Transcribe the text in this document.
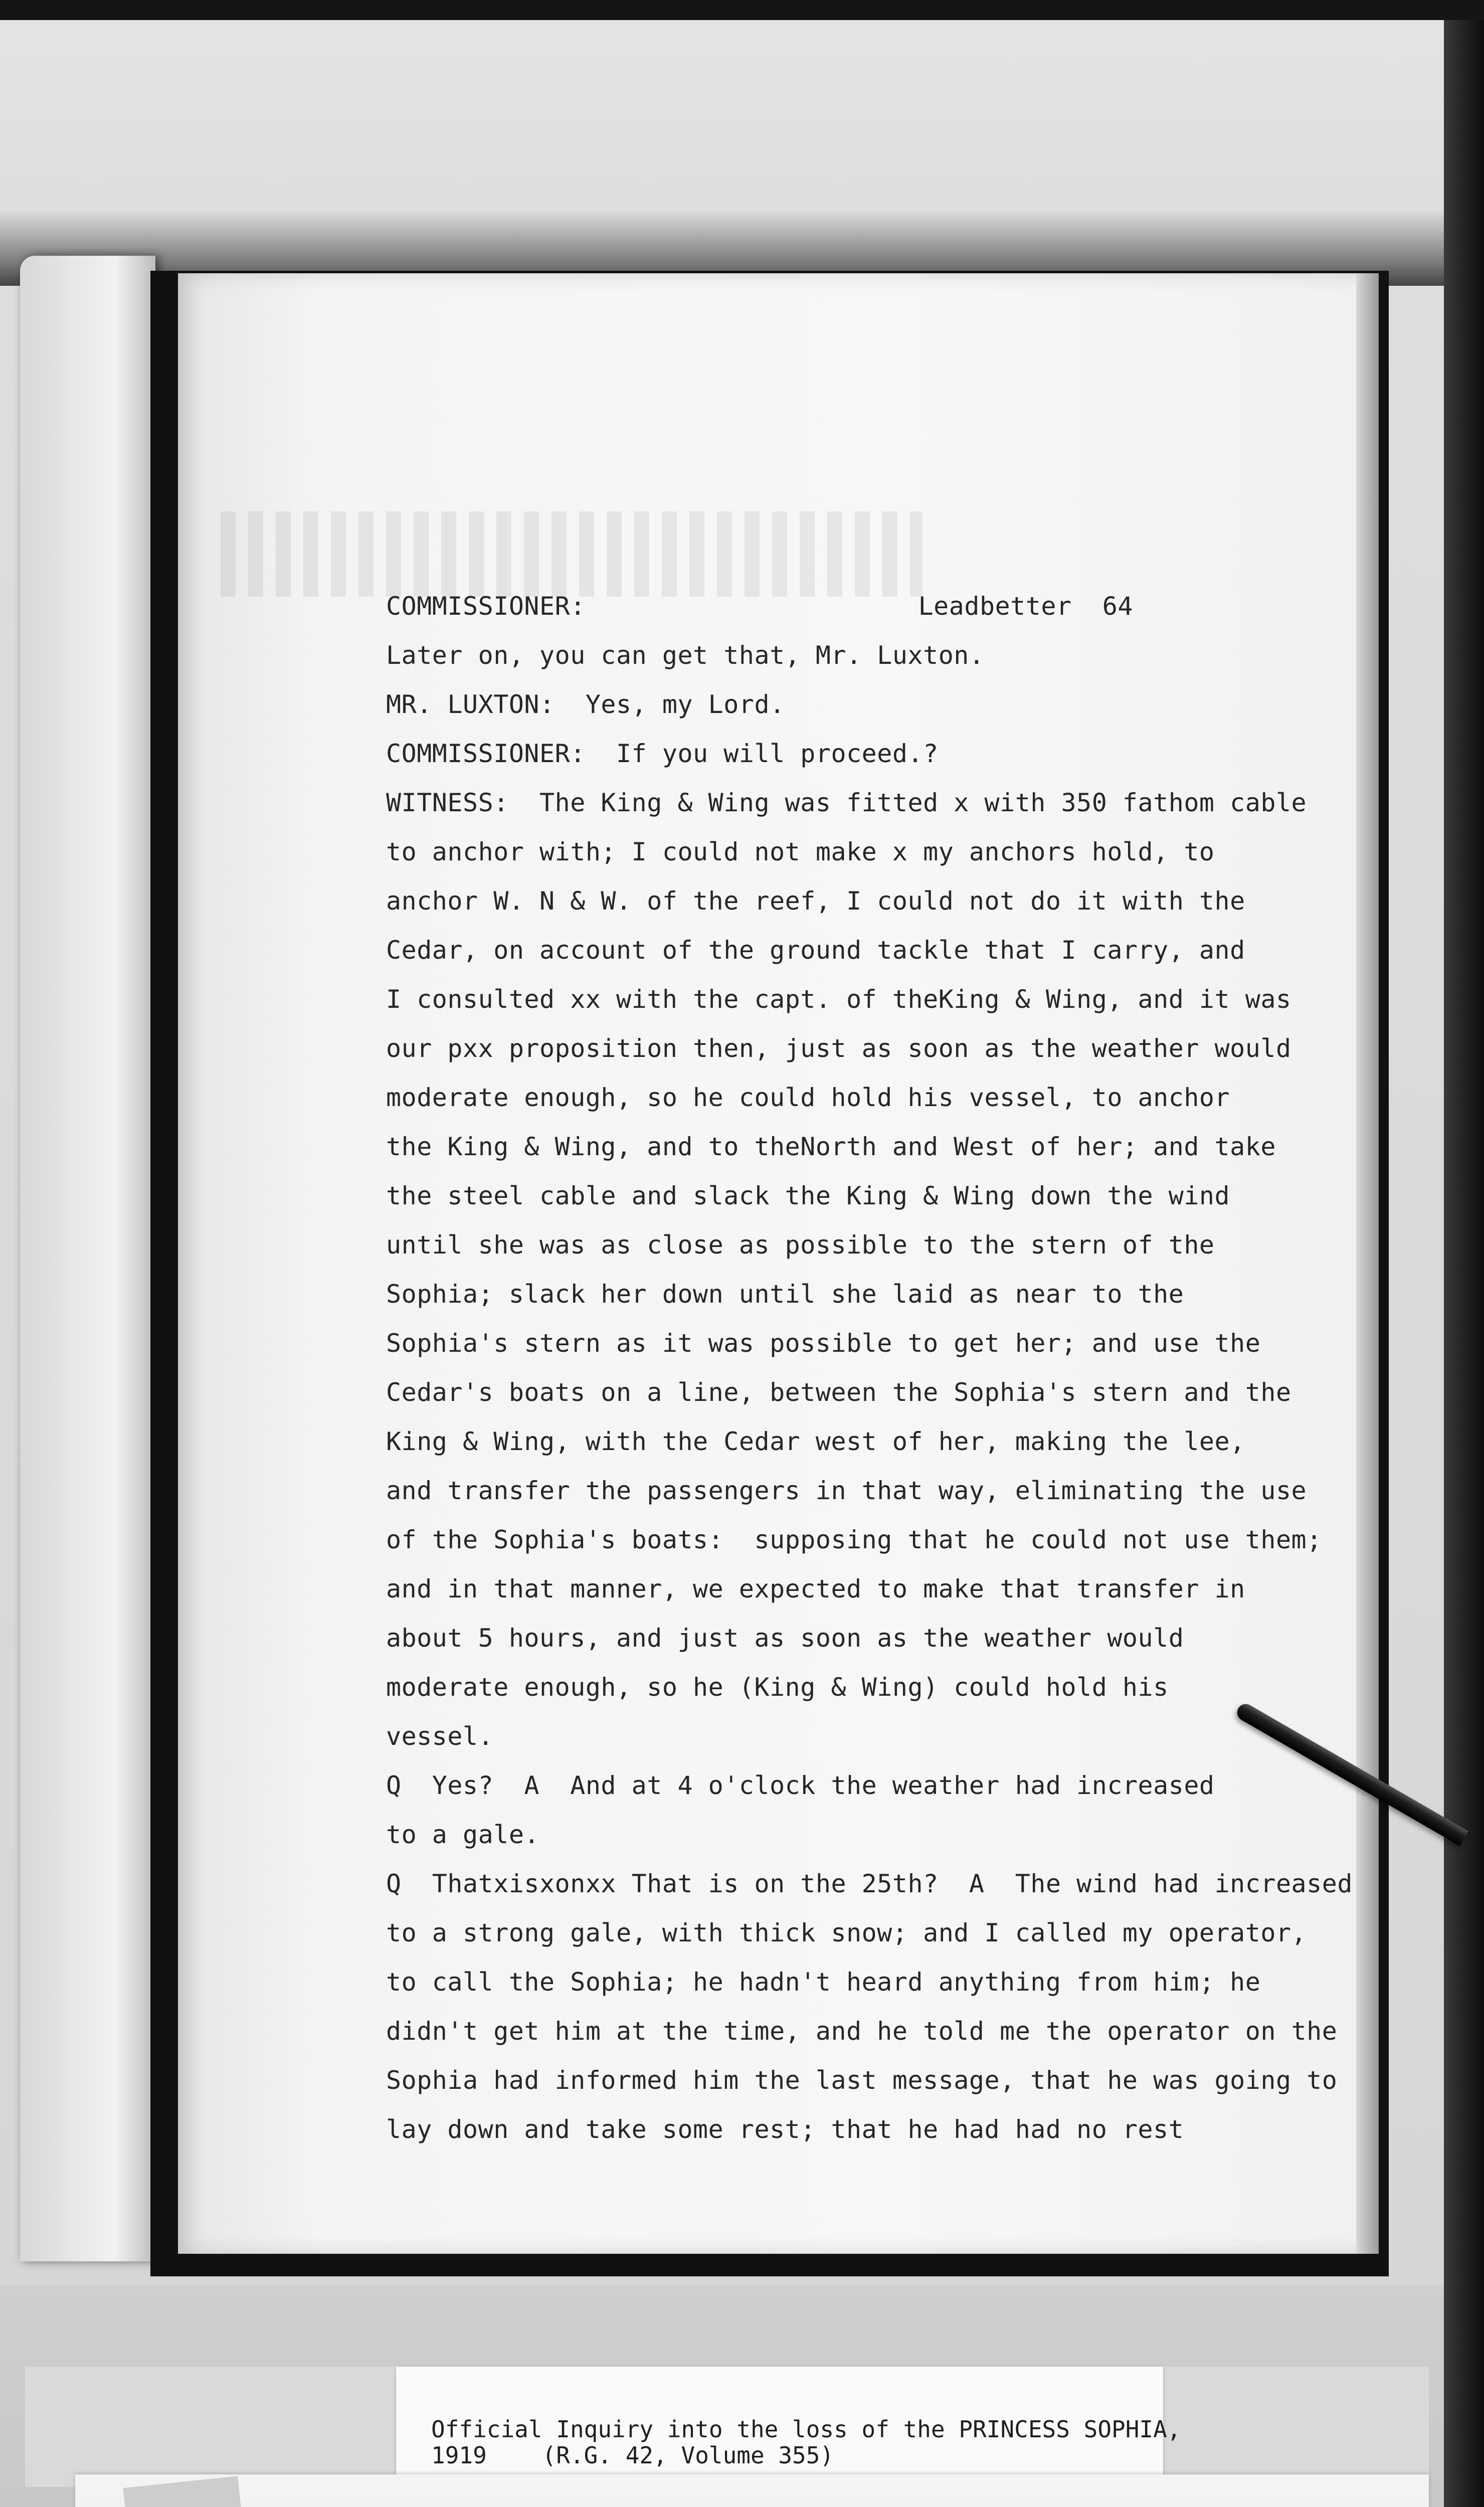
COMMISSIONER:	Leadbetter  64
Later on, you can get that, Mr. Luxton.
MR. LUXTON:  Yes, my Lord.
COMMISSIONER:  If you will proceed.?
WITNESS:  The King & Wing was fitted x with 350 fathom cable
to anchor with; I could not make x my anchors hold, to
anchor W. N & W. of the reef, I could not do it with the
Cedar, on account of the ground tackle that I carry, and
I consulted xx with the capt. of theKing & Wing, and it was
our pxx proposition then, just as soon as the weather would
moderate enough, so he could hold his vessel, to anchor
the King & Wing, and to theNorth and West of her; and take
the steel cable and slack the King & Wing down the wind
until she was as close as possible to the stern of the
Sophia; slack her down until she laid as near to the
Sophia's stern as it was possible to get her; and use the
Cedar's boats on a line, between the Sophia's stern and the
King & Wing, with the Cedar west of her, making the lee,
and transfer the passengers in that way, eliminating the use
of the Sophia's boats:  supposing that he could not use them;
and in that manner, we expected to make that transfer in
about 5 hours, and just as soon as the weather would
moderate enough, so he (King & Wing) could hold his
vessel.
Q  Yes?  A  And at 4 o'clock the weather had increased
to a gale.
Q  Thatxisxonxx That is on the 25th?  A  The wind had increased
to a strong gale, with thick snow; and I called my operator,
to call the Sophia; he hadn't heard anything from him; he
didn't get him at the time, and he told me the operator on the
Sophia had informed him the last message, that he was going to
lay down and take some rest; that he had had no rest
Official Inquiry into the loss of the PRINCESS SOPHIA,
1919    (R.G. 42, Volume 355)
